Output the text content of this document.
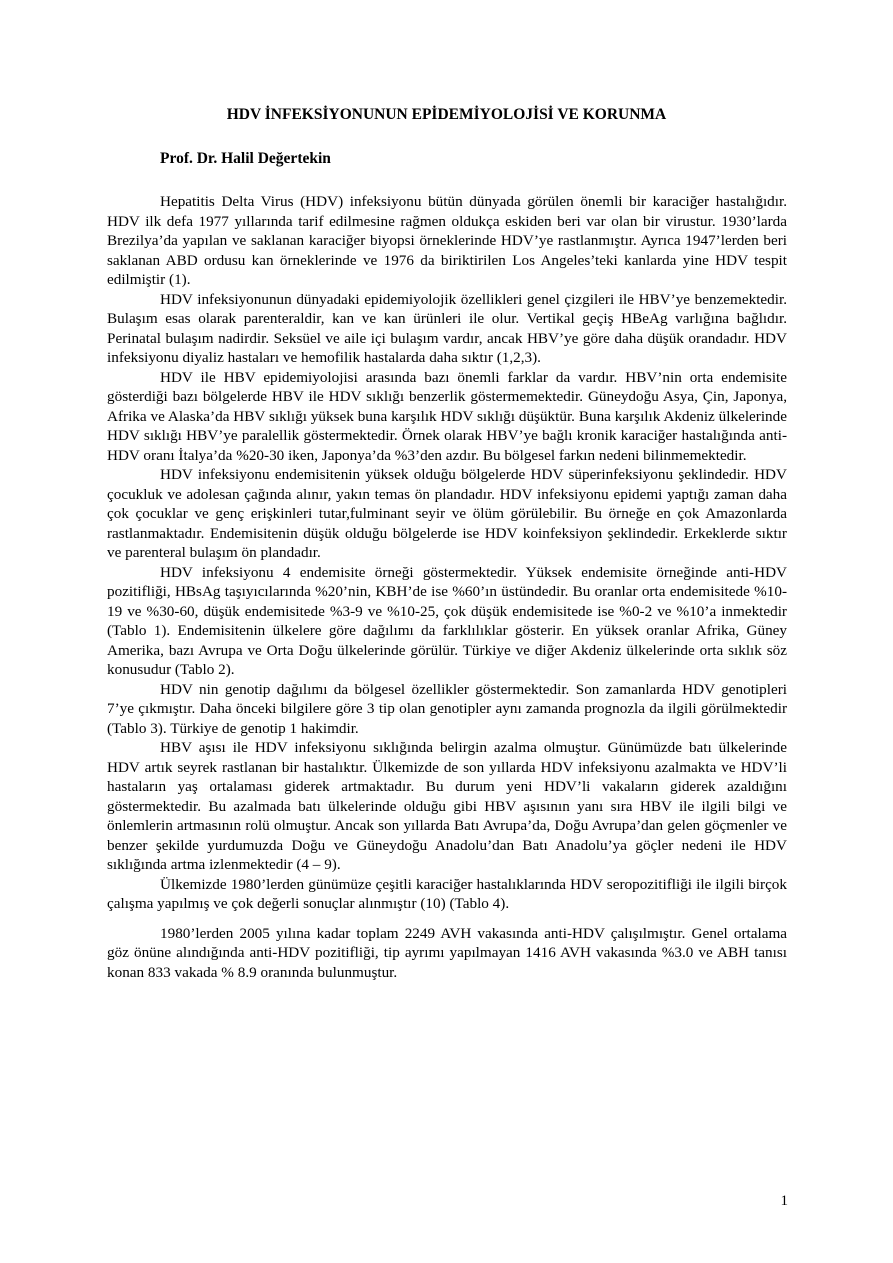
HDV İNFEKSİYONUNUN EPİDEMİYOLOJİSİ VE KORUNMA
Prof. Dr. Halil Değertekin

Hepatitis Delta Virus (HDV) infeksiyonu bütün dünyada görülen önemli bir karaciğer hastalığıdır. HDV ilk defa 1977 yıllarında tarif edilmesine rağmen oldukça eskiden beri var olan bir virustur. 1930’larda Brezilya’da yapılan ve saklanan karaciğer biyopsi örneklerinde HDV’ye rastlanmıştır. Ayrıca 1947’lerden beri saklanan ABD ordusu kan örneklerinde ve 1976 da biriktirilen Los Angeles’teki kanlarda yine HDV tespit edilmiştir (1).

HDV infeksiyonunun dünyadaki epidemiyolojik özellikleri genel çizgileri ile HBV’ye benzemektedir. Bulaşım esas olarak parenteraldir, kan ve kan ürünleri ile olur. Vertikal geçiş HBeAg varlığına bağlıdır. Perinatal bulaşım nadirdir. Seksüel ve aile içi bulaşım vardır, ancak HBV’ye göre daha düşük orandadır. HDV infeksiyonu diyaliz hastaları ve hemofilik hastalarda daha sıktır (1,2,3).

HDV ile HBV epidemiyolojisi arasında bazı önemli farklar da vardır. HBV’nin orta endemisite gösterdiği bazı bölgelerde HBV ile HDV sıklığı benzerlik göstermemektedir. Güneydoğu Asya, Çin, Japonya, Afrika ve Alaska’da HBV sıklığı yüksek buna karşılık HDV sıklığı düşüktür. Buna karşılık Akdeniz ülkelerinde HDV sıklığı HBV’ye paralellik göstermektedir. Örnek olarak HBV’ye bağlı kronik karaciğer hastalığında anti-HDV oranı İtalya’da %20-30 iken, Japonya’da %3’den azdır. Bu bölgesel farkın nedeni bilinmemektedir.

HDV infeksiyonu endemisitenin yüksek olduğu bölgelerde HDV süperinfeksiyonu şeklindedir. HDV çocukluk ve adolesan çağında alınır, yakın temas ön plandadır. HDV infeksiyonu epidemi yaptığı zaman daha çok çocuklar ve genç erişkinleri tutar,fulminant seyir ve ölüm görülebilir. Bu örneğe en çok Amazonlarda rastlanmaktadır. Endemisitenin düşük olduğu bölgelerde ise HDV koinfeksiyon şeklindedir. Erkeklerde sıktır ve parenteral bulaşım ön plandadır.

HDV infeksiyonu 4 endemisite örneği göstermektedir. Yüksek endemisite örneğinde anti-HDV pozitifliği, HBsAg taşıyıcılarında %20’nin, KBH’de ise %60’ın üstündedir. Bu oranlar orta endemisitede %10-19 ve %30-60, düşük endemisitede %3-9 ve %10-25, çok düşük endemisitede ise %0-2 ve %10’a inmektedir (Tablo 1). Endemisitenin ülkelere göre dağılımı da farklılıklar gösterir. En yüksek oranlar Afrika, Güney Amerika, bazı Avrupa ve Orta Doğu ülkelerinde görülür. Türkiye ve diğer Akdeniz ülkelerinde orta sıklık söz konusudur (Tablo 2).

HDV nin genotip dağılımı da bölgesel özellikler göstermektedir. Son zamanlarda HDV genotipleri 7’ye çıkmıştır. Daha önceki bilgilere göre 3 tip olan genotipler aynı zamanda prognozla da ilgili görülmektedir (Tablo 3). Türkiye de genotip 1 hakimdir.

HBV aşısı ile HDV infeksiyonu sıklığında belirgin azalma olmuştur. Günümüzde batı ülkelerinde HDV artık seyrek rastlanan bir hastalıktır. Ülkemizde de son yıllarda HDV infeksiyonu azalmakta ve HDV’li hastaların yaş ortalaması giderek artmaktadır. Bu durum yeni HDV’li vakaların giderek azaldığını göstermektedir. Bu azalmada batı ülkelerinde olduğu gibi HBV aşısının yanı sıra HBV ile ilgili bilgi ve önlemlerin artmasının rolü olmuştur. Ancak son yıllarda Batı Avrupa’da, Doğu Avrupa’dan gelen göçmenler ve benzer şekilde yurdumuzda Doğu ve Güneydoğu Anadolu’dan Batı Anadolu’ya göçler nedeni ile HDV sıklığında artma izlenmektedir (4 – 9).

Ülkemizde 1980’lerden günümüze çeşitli karaciğer hastalıklarında HDV seropozitifliği ile ilgili birçok çalışma yapılmış ve çok değerli sonuçlar alınmıştır (10) (Tablo 4).

1980’lerden 2005 yılına kadar toplam 2249 AVH vakasında anti-HDV çalışılmıştır. Genel ortalama göz önüne alındığında anti-HDV pozitifliği, tip ayrımı yapılmayan 1416 AVH vakasında %3.0 ve ABH tanısı konan 833 vakada % 8.9 oranında bulunmuştur.

1
